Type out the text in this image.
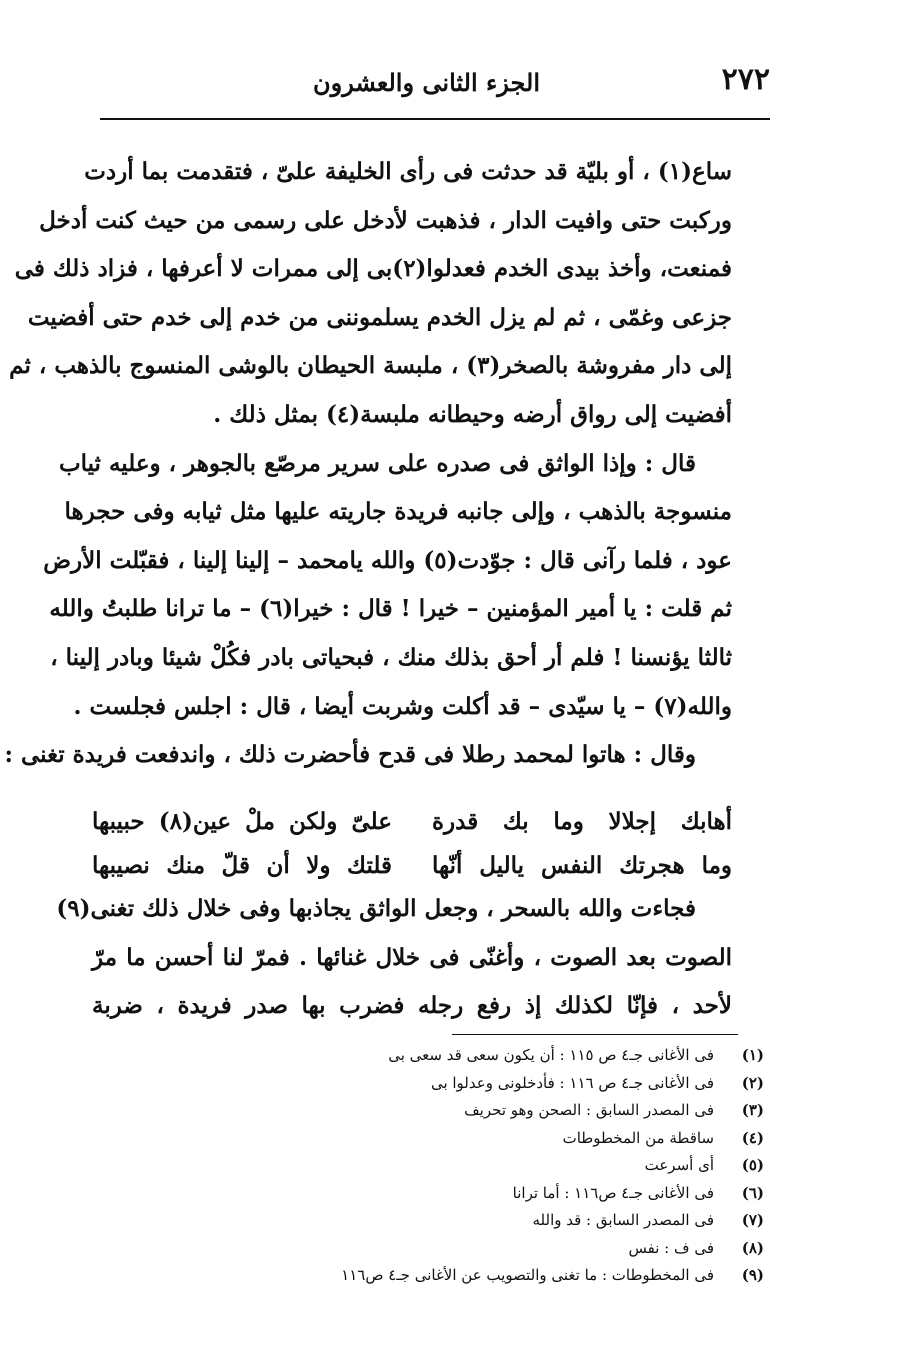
٢٧٢
الجزء الثانى والعشرون
ساع(١) ، أو بليّة قد حدثت فى رأى الخليفة علىّ ، فتقدمت بما أردت
وركبت حتى وافيت الدار ، فذهبت لأدخل على رسمى من حيث كنت أدخل
فمنعت، وأخذ بيدى الخدم فعدلوا(٢)بى إلى ممرات لا أعرفها ، فزاد ذلك فى
جزعى وغمّى ، ثم لم يزل الخدم يسلموننى من خدم إلى خدم حتى أفضيت
إلى دار مفروشة بالصخر(٣) ، ملبسة الحيطان بالوشى المنسوج بالذهب ، ثم
أفضيت إلى رواق أرضه وحيطانه ملبسة(٤) بمثل ذلك .
قال : وإذا الواثق فى صدره على سرير مرصّع بالجوهر ، وعليه ثياب
منسوجة بالذهب ، وإلى جانبه فريدة جاريته عليها مثل ثيابه وفى حجرها
عود ، فلما رآنى قال : جوّدت(٥) والله يامحمد – إلينا إلينا ، فقبّلت الأرض
ثم قلت : يا أمير المؤمنين – خيرا ! قال : خيرا(٦) – ما ترانا طلبتُ والله
ثالثا يؤنسنا ! فلم أر أحق بذلك منك ، فبحياتى بادر فكُلْ شيئا وبادر إلينا ،
والله(٧) – يا سيّدى – قد أكلت وشربت أيضا ، قال : اجلس فجلست .
وقال : هاتوا لمحمد رطلا فى قدح فأحضرت ذلك ، واندفعت فريدة تغنى :
أهابك إجلالا وما بك قدرة
علىّ ولكن ملْ عين(٨) حبيبها
وما هجرتك النفس ياليل أنّها
قلتك ولا أن قلّ منك نصيبها
فجاءت والله بالسحر ، وجعل الواثق يجاذبها وفى خلال ذلك تغنى(٩)
الصوت بعد الصوت ، وأغنّى فى خلال غنائها . فمرّ لنا أحسن ما مرّ
لأحد ، فإنّا لكذلك إذ رفع رجله فضرب بها صدر فريدة ، ضربة
(١)
فى الأغانى جـ٤ ص ١١٥ : أن يكون سعى قد سعى بى
(٢)
فى الأغانى جـ٤ ص ١١٦ : فأدخلونى وعدلوا بى
(٣)
فى المصدر السابق : الصحن وهو تحريف
(٤)
ساقطة من المخطوطات
(٥)
أى أسرعت
(٦)
فى الأغانى جـ٤ ص١١٦ : أما ترانا
(٧)
فى المصدر السابق : قد والله
(٨)
فى ف : نفس
(٩)
فى المخطوطات : ما تغنى والتصويب عن الأغانى جـ٤ ص١١٦
